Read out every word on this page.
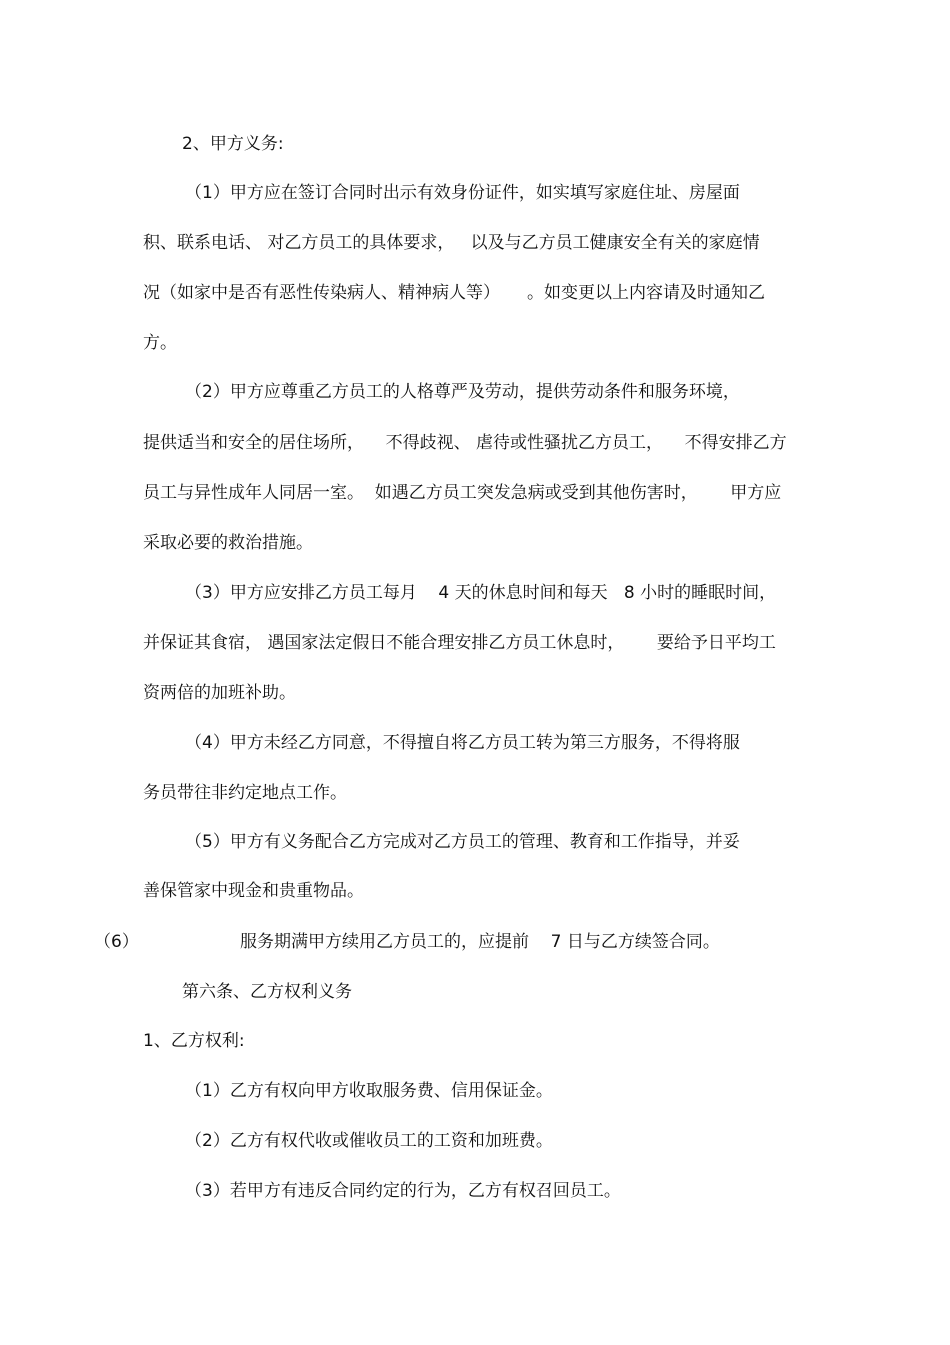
2、甲方义务:
（1）甲方应在签订合同时出示有效身份证件，如实填写家庭住址、房屋面
积、联系电话、 对乙方员工的具体要求，   以及与乙方员工健康安全有关的家庭情
况（如家中是否有恶性传染病人、精神病人等）     。如变更以上内容请及时通知乙
方。
（2）甲方应尊重乙方员工的人格尊严及劳动，提供劳动条件和服务环境，
提供适当和安全的居住场所，    不得歧视、 虐待或性骚扰乙方员工，    不得安排乙方
员工与异性成年人同居一室。  如遇乙方员工突发急病或受到其他伤害时，      甲方应
采取必要的救治措施。
（3）甲方应安排乙方员工每月    4 天的休息时间和每天   8 小时的睡眠时间，
并保证其食宿， 遇国家法定假日不能合理安排乙方员工休息时，      要给予日平均工
资两倍的加班补助。
（4）甲方未经乙方同意，不得擅自将乙方员工转为第三方服务，不得将服
务员带往非约定地点工作。
（5）甲方有义务配合乙方完成对乙方员工的管理、教育和工作指导，并妥
善保管家中现金和贵重物品。
（6）	服务期满甲方续用乙方员工的，应提前    7 日与乙方续签合同。
第六条、乙方权利义务
1、乙方权利:
（1）乙方有权向甲方收取服务费、信用保证金。
（2）乙方有权代收或催收员工的工资和加班费。
（3）若甲方有违反合同约定的行为，乙方有权召回员工。
